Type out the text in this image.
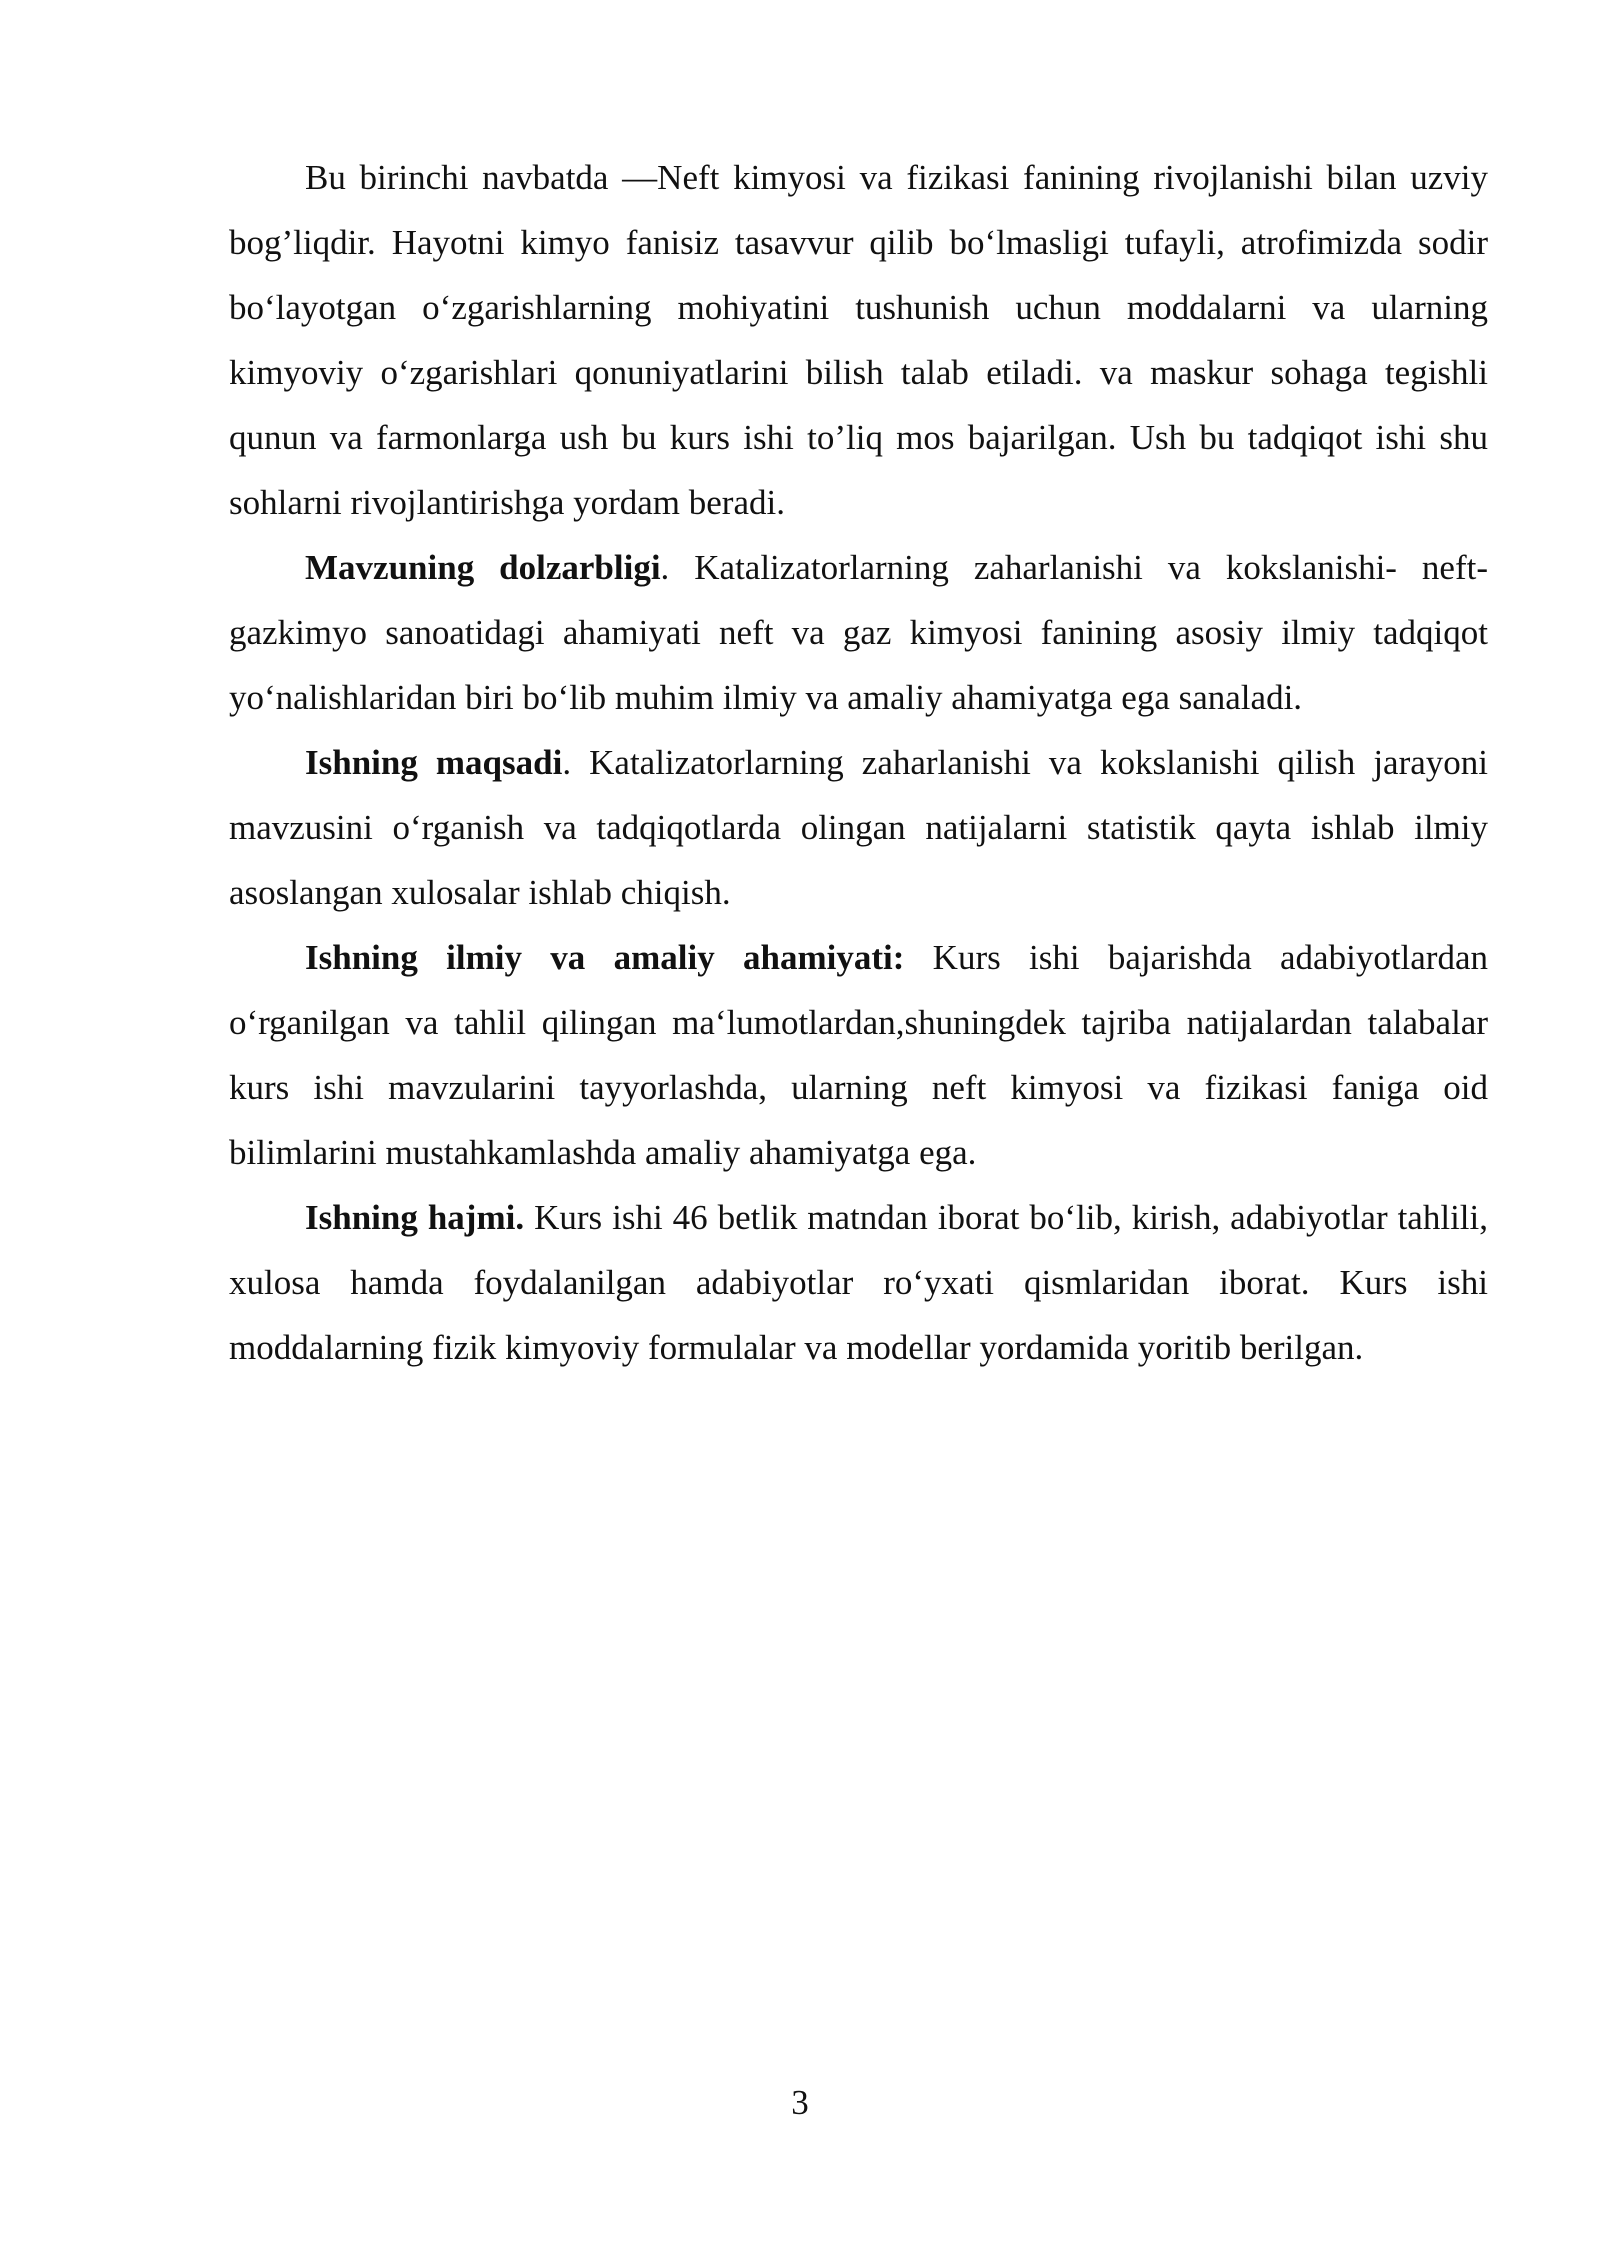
Bu birinchi navbatda —Neft kimyosi va fizikasi fanining rivojlanishi bilan uzviy bog’liqdir. Hayotni kimyo fanisiz tasavvur qilib bo‘lmasligi tufayli, atrofimizda sodir bo‘layotgan o‘zgarishlarning mohiyatini tushunish uchun moddalarni va ularning kimyoviy o‘zgarishlari qonuniyatlarini bilish talab etiladi. va maskur sohaga tegishli qunun va farmonlarga ush bu kurs ishi to’liq mos bajarilgan. Ush bu tadqiqot ishi shu sohlarni rivojlantirishga yordam beradi.

Mavzuning dolzarbligi. Katalizatorlarning zaharlanishi va kokslanishi- neft-gazkimyo sanoatidagi ahamiyati neft va gaz kimyosi fanining asosiy ilmiy tadqiqot yo‘nalishlaridan biri bo‘lib muhim ilmiy va amaliy ahamiyatga ega sanaladi.

Ishning maqsadi. Katalizatorlarning zaharlanishi va kokslanishi qilish jarayoni mavzusini o‘rganish va tadqiqotlarda olingan natijalarni statistik qayta ishlab ilmiy asoslangan xulosalar ishlab chiqish.

Ishning ilmiy va amaliy ahamiyati: Kurs ishi bajarishda adabiyotlardan o‘rganilgan va tahlil qilingan ma‘lumotlardan,shuningdek tajriba natijalardan talabalar kurs ishi mavzularini tayyorlashda, ularning neft kimyosi va fizikasi faniga oid bilimlarini mustahkamlashda amaliy ahamiyatga ega.

Ishning hajmi. Kurs ishi 46 betlik matndan iborat bo‘lib, kirish, adabiyotlar tahlili, xulosa hamda foydalanilgan adabiyotlar ro‘yxati qismlaridan iborat. Kurs ishi moddalarning fizik kimyoviy formulalar va modellar yordamida yoritib berilgan.

3
